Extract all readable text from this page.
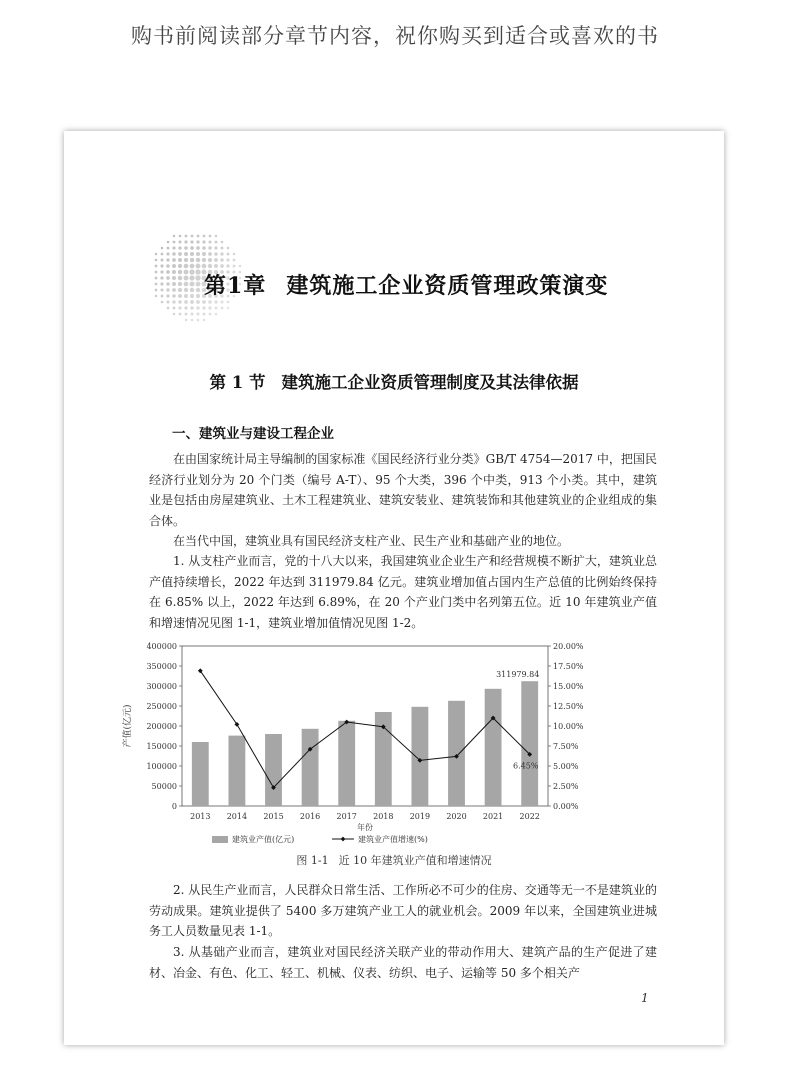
购书前阅读部分章节内容，祝你购买到适合或喜欢的书
第1章 建筑施工企业资质管理政策演变
第 1 节 建筑施工企业资质管理制度及其法律依据
一、建筑业与建设工程企业

在由国家统计局主导编制的国家标准《国民经济行业分类》GB/T 4754—2017 中，把国民经济行业划分为 20 个门类（编号 A-T）、95 个大类，396 个中类，913 个小类。其中，建筑业是包括由房屋建筑业、土木工程建筑业、建筑安装业、建筑装饰和其他建筑业的企业组成的集合体。

在当代中国，建筑业具有国民经济支柱产业、民生产业和基础产业的地位。

1. 从支柱产业而言，党的十八大以来，我国建筑业企业生产和经营规模不断扩大，建筑业总产值持续增长，2022 年达到 311979.84 亿元。建筑业增加值占国内生产总值的比例始终保持在 6.85% 以上，2022 年达到 6.89%，在 20 个产业门类中名列第五位。近 10 年建筑业产值和增速情况见图 1-1，建筑业增加值情况见图 1-2。

0
50000
100000
150000
200000
250000
300000
350000
400000
0.00%
2.50%
5.00%
7.50%
10.00%
12.50%
15.00%
17.50%
20.00%
产值(亿元)
2013 2014 2015 2016 2017 2018 2019 2020 2021 2022
年份
311979.84
6.45%
建筑业产值(亿元)	建筑业产值增速(%)
图 1-1 近 10 年建筑业产值和增速情况

2. 从民生产业而言，人民群众日常生活、工作所必不可少的住房、交通等无一不是建筑业的劳动成果。建筑业提供了 5400 多万建筑产业工人的就业机会。2009 年以来，全国建筑业进城务工人员数量见表 1-1。

3. 从基础产业而言，建筑业对国民经济关联产业的带动作用大、建筑产品的生产促进了建材、冶金、有色、化工、轻工、机械、仪表、纺织、电子、运输等 50 多个相关产

1
